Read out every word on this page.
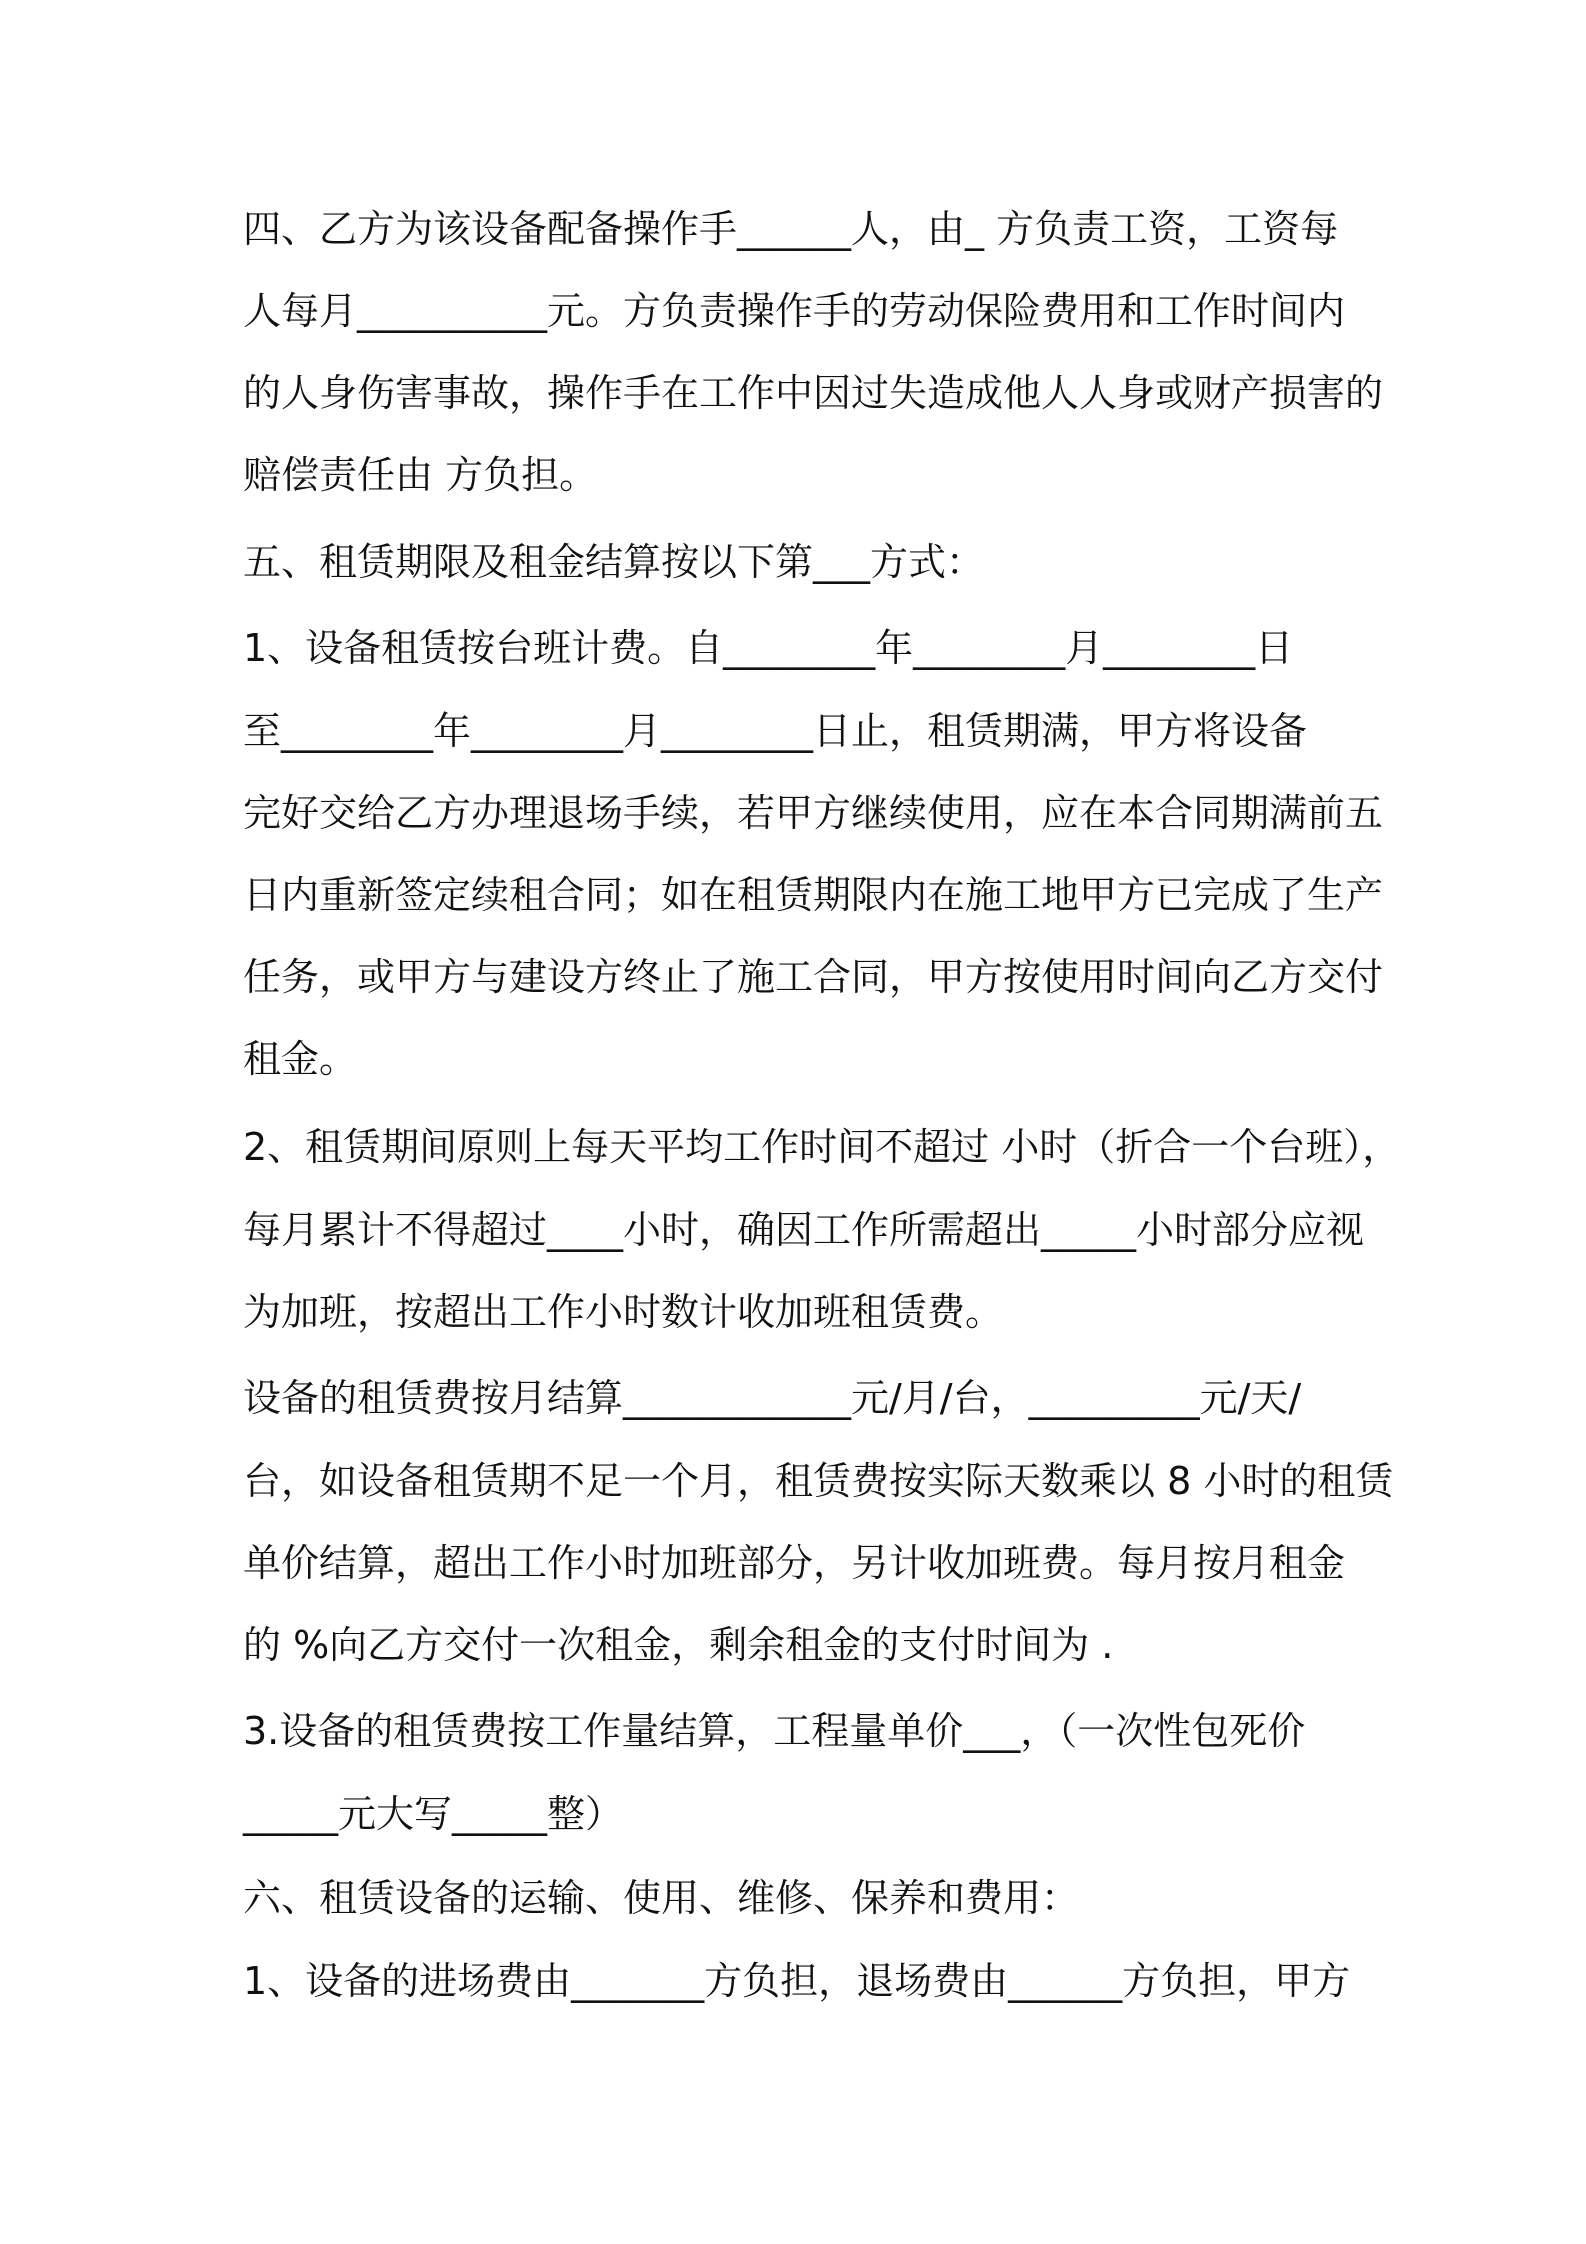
四、乙方为该设备配备操作手______人，由_ 方负责工资，工资每
人每月__________元。方负责操作手的劳动保险费用和工作时间内
的人身伤害事故，操作手在工作中因过失造成他人人身或财产损害的
赔偿责任由 方负担。
五、租赁期限及租金结算按以下第___方式：
1、设备租赁按台班计费。自________年________月________日
至________年________月________日止，租赁期满，甲方将设备
完好交给乙方办理退场手续，若甲方继续使用，应在本合同期满前五
日内重新签定续租合同；如在租赁期限内在施工地甲方已完成了生产
任务，或甲方与建设方终止了施工合同，甲方按使用时间向乙方交付
租金。
2、租赁期间原则上每天平均工作时间不超过 小时（折合一个台班），
每月累计不得超过____小时，确因工作所需超出_____小时部分应视
为加班，按超出工作小时数计收加班租赁费。
设备的租赁费按月结算____________元/月/台，_________元/天/
台，如设备租赁期不足一个月，租赁费按实际天数乘以 8 小时的租赁
单价结算，超出工作小时加班部分，另计收加班费。每月按月租金
的 %向乙方交付一次租金，剩余租金的支付时间为 .
3.设备的租赁费按工作量结算，工程量单价___，（一次性包死价
_____元大写_____整）
六、租赁设备的运输、使用、维修、保养和费用：
1、设备的进场费由_______方负担，退场费由______方负担，甲方
